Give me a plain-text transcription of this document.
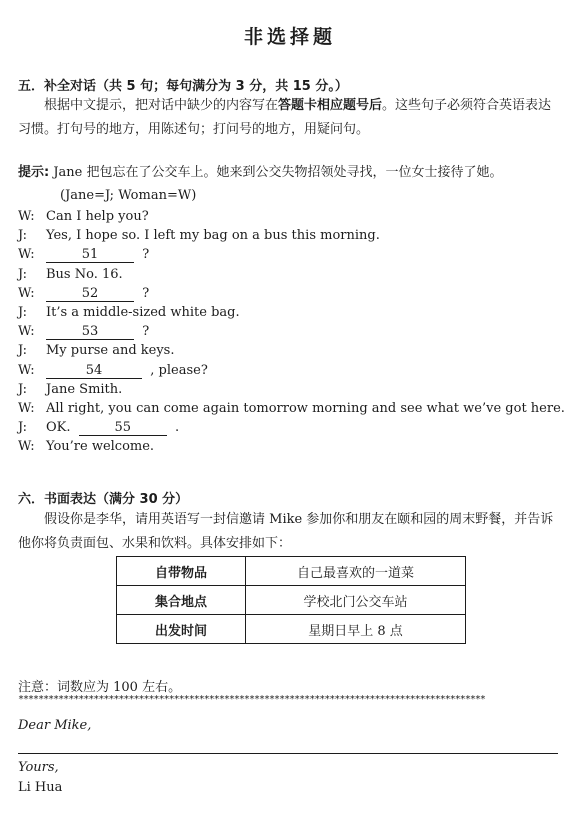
非选择题
五．补全对话（共 5 句；每句满分为 3 分，共 15 分。）
根据中文提示，把对话中缺少的内容写在答题卡相应题号后。这些句子必须符合英语表达习惯。打句号的地方，用陈述句；打问号的地方，用疑问句。
提示: Jane 把包忘在了公交车上。她来到公交失物招领处寻找，一位女士接待了她。
(Jane=J; Woman=W)
W: Can I help you?
J: Yes, I hope so. I left my bag on a bus this morning.
W:	51	?
J: Bus No. 16.
W:	52	?
J: It’s a middle-sized white bag.
W:	53	?
J: My purse and keys.
W:	54	, please?
J: Jane Smith.
W: All right, you can come again tomorrow morning and see what we’ve got here.
J: OK.	55	.
W: You’re welcome.
六．书面表达（满分 30 分）
假设你是李华，请用英语写一封信邀请 Mike 参加你和朋友在颐和园的周末野餐，并告诉他你将负责面包、水果和饮料。具体安排如下：
自带物品	自己最喜欢的一道菜
集合地点	学校北门公交车站
出发时间	星期日早上 8 点
注意：词数应为 100 左右。
*********************************************************************************************
Dear Mike,
Yours,
Li Hua
